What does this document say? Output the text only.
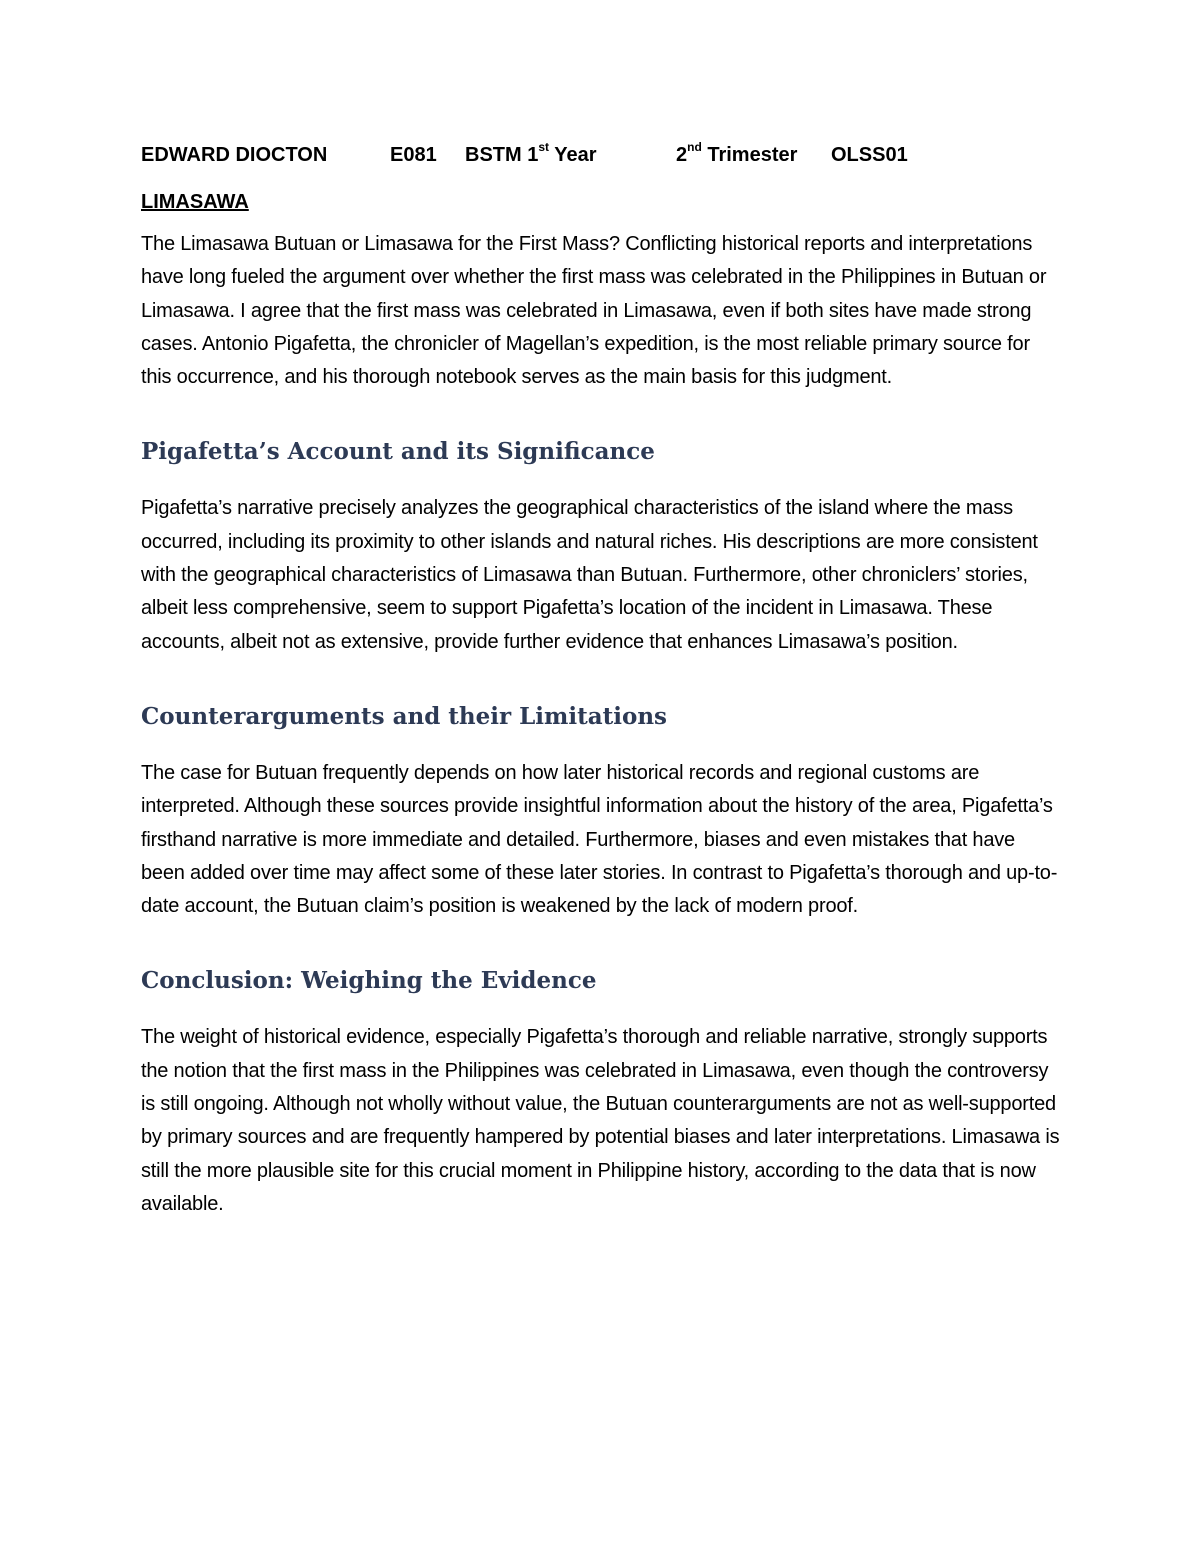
EDWARD DIOCTON	E081	BSTM 1st Year	2nd Trimester	OLSS01
LIMASAWA

The Limasawa Butuan or Limasawa for the First Mass? Conflicting historical reports and interpretations have long fueled the argument over whether the first mass was celebrated in the Philippines in Butuan or Limasawa. I agree that the first mass was celebrated in Limasawa, even if both sites have made strong cases. Antonio Pigafetta, the chronicler of Magellan’s expedition, is the most reliable primary source for this occurrence, and his thorough notebook serves as the main basis for this judgment.

Pigafetta’s Account and its Significance

Pigafetta’s narrative precisely analyzes the geographical characteristics of the island where the mass occurred, including its proximity to other islands and natural riches. His descriptions are more consistent with the geographical characteristics of Limasawa than Butuan. Furthermore, other chroniclers’ stories, albeit less comprehensive, seem to support Pigafetta’s location of the incident in Limasawa. These accounts, albeit not as extensive, provide further evidence that enhances Limasawa’s position.

Counterarguments and their Limitations

The case for Butuan frequently depends on how later historical records and regional customs are interpreted. Although these sources provide insightful information about the history of the area, Pigafetta’s firsthand narrative is more immediate and detailed. Furthermore, biases and even mistakes that have been added over time may affect some of these later stories. In contrast to Pigafetta’s thorough and up-to-date account, the Butuan claim’s position is weakened by the lack of modern proof.

Conclusion: Weighing the Evidence

The weight of historical evidence, especially Pigafetta’s thorough and reliable narrative, strongly supports the notion that the first mass in the Philippines was celebrated in Limasawa, even though the controversy is still ongoing. Although not wholly without value, the Butuan counterarguments are not as well-supported by primary sources and are frequently hampered by potential biases and later interpretations. Limasawa is still the more plausible site for this crucial moment in Philippine history, according to the data that is now available.
